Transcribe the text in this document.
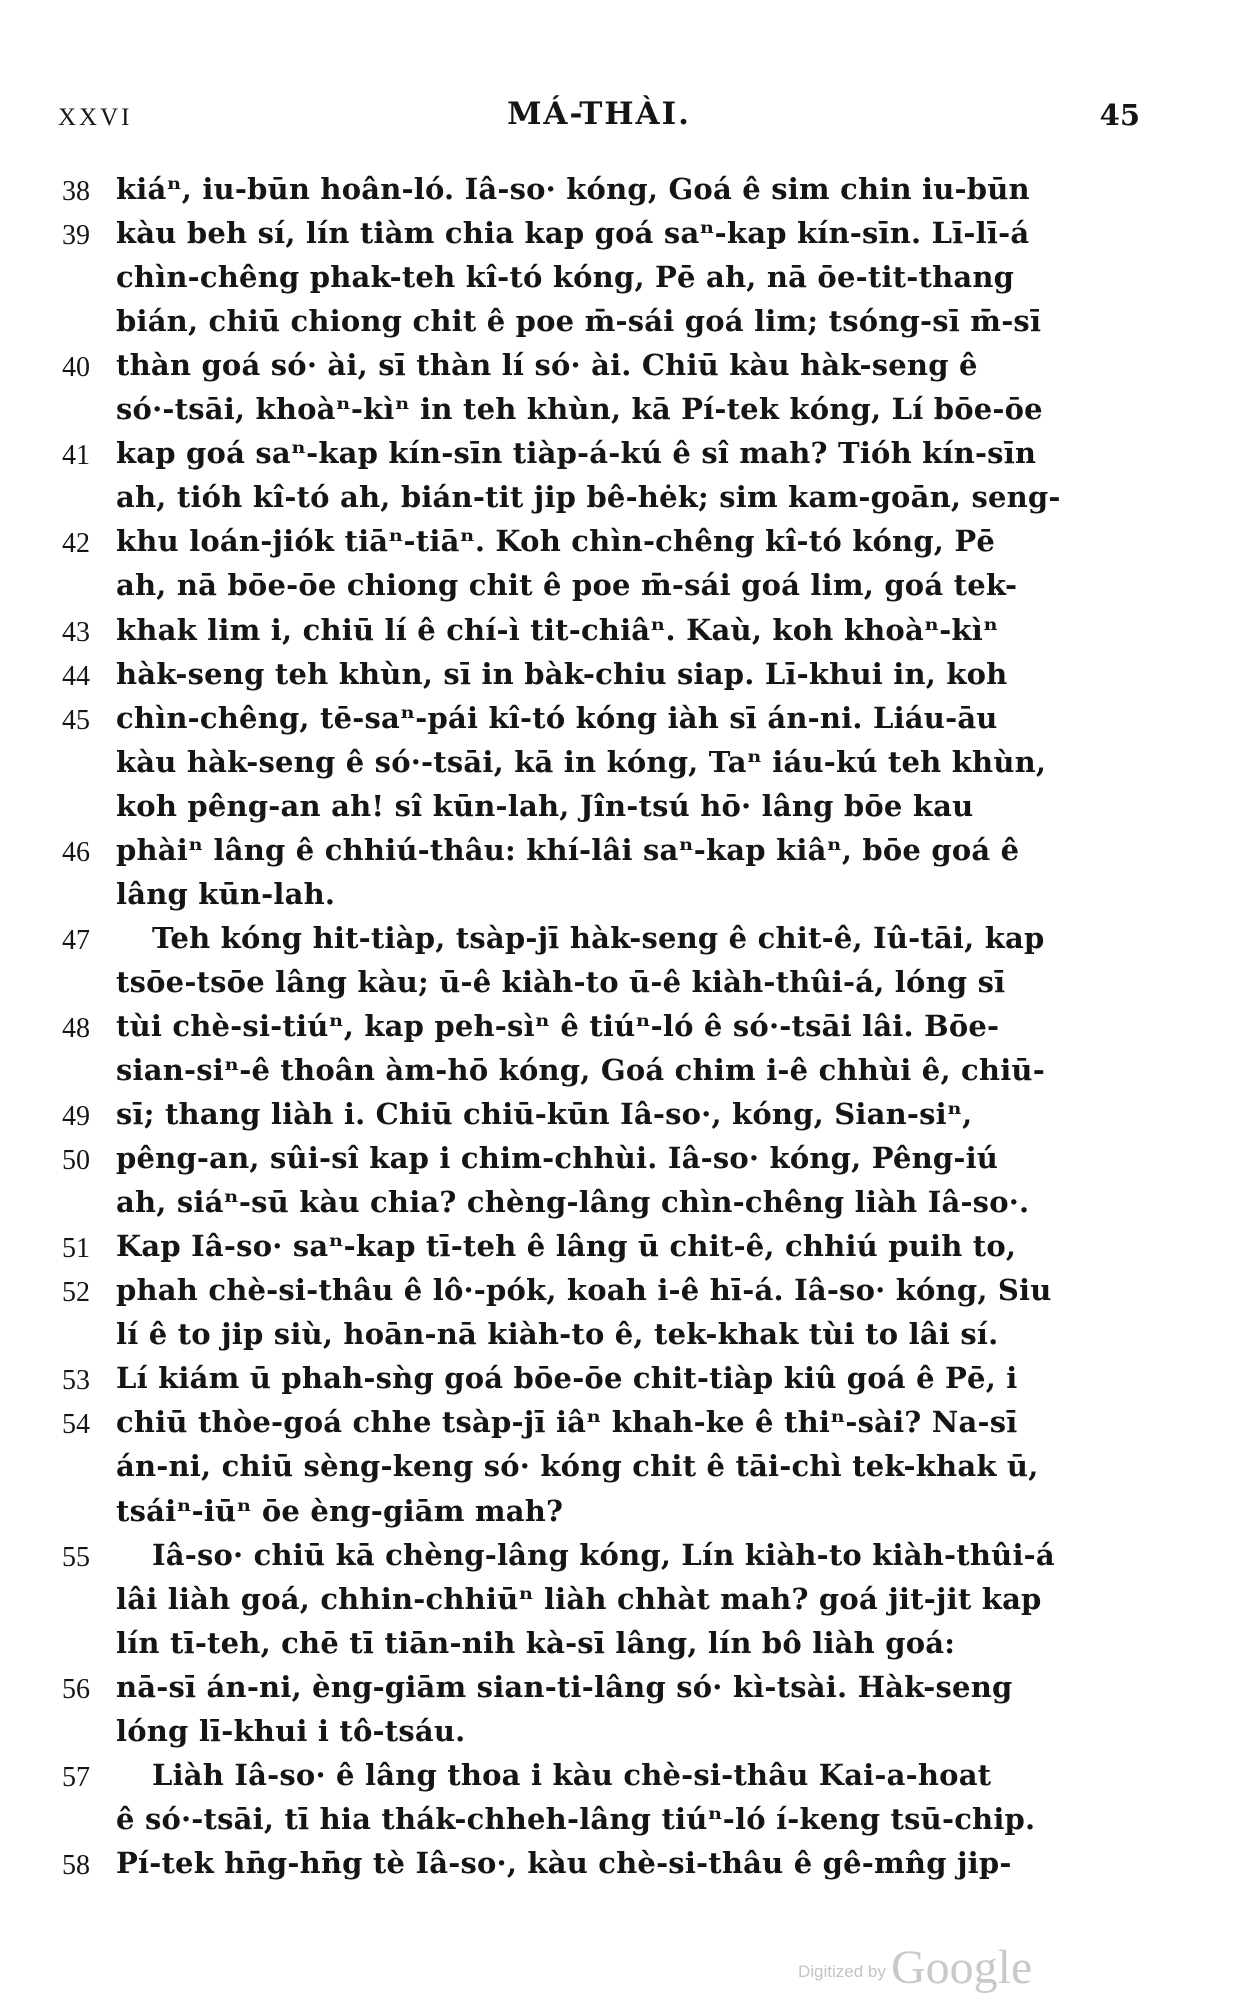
XXVI	MÁ-THÀI.	45
38 kiáⁿ, iu-būn hoân-ló. Iâ-so· kóng, Goá ê sim chin iu-būn
39 kàu beh sí, lín tiàm chia kap goá saⁿ-kap kín-sīn. Lī-lī-á
chìn-chêng phak-teh kî-tó kóng, Pē ah, nā ōe-tit-thang
bián, chiū chiong chit ê poe m̄-sái goá lim; tsóng-sī m̄-sī
40 thàn goá só· ài, sī thàn lí só· ài. Chiū kàu hàk-seng ê
só·-tsāi, khoàⁿ-kìⁿ in teh khùn, kā Pí-tek kóng, Lí bōe-ōe
41 kap goá saⁿ-kap kín-sīn tiàp-á-kú ê sî mah? Tióh kín-sīn
ah, tióh kî-tó ah, bián-tit jip bê-hėk; sim kam-goān, seng-
42 khu loán-jiók tiāⁿ-tiāⁿ. Koh chìn-chêng kî-tó kóng, Pē
ah, nā bōe-ōe chiong chit ê poe m̄-sái goá lim, goá tek-
43 khak lim i, chiū lí ê chí-ì tit-chiâⁿ. Kaù, koh khoàⁿ-kìⁿ
44 hàk-seng teh khùn, sī in bàk-chiu siap. Lī-khui in, koh
45 chìn-chêng, tē-saⁿ-pái kî-tó kóng iàh sī án-ni. Liáu-āu
kàu hàk-seng ê só·-tsāi, kā in kóng, Taⁿ iáu-kú teh khùn,
koh pêng-an ah! sî kūn-lah, Jîn-tsú hō· lâng bōe kau
46 phàiⁿ lâng ê chhiú-thâu: khí-lâi saⁿ-kap kiâⁿ, bōe goá ê
lâng kūn-lah.
47	Teh kóng hit-tiàp, tsàp-jī hàk-seng ê chit-ê, Iû-tāi, kap
tsōe-tsōe lâng kàu; ū-ê kiàh-to ū-ê kiàh-thûi-á, lóng sī
48 tùi chè-si-tiúⁿ, kap peh-sìⁿ ê tiúⁿ-ló ê só·-tsāi lâi. Bōe-
sian-siⁿ-ê thoân àm-hō kóng, Goá chim i-ê chhùi ê, chiū-
49 sī; thang liàh i. Chiū chiū-kūn Iâ-so·, kóng, Sian-siⁿ,
50 pêng-an, sûi-sî kap i chim-chhùi. Iâ-so· kóng, Pêng-iú
ah, siáⁿ-sū kàu chia? chèng-lâng chìn-chêng liàh Iâ-so·.
51 Kap Iâ-so· saⁿ-kap tī-teh ê lâng ū chit-ê, chhiú puih to,
52 phah chè-si-thâu ê lô·-pók, koah i-ê hī-á. Iâ-so· kóng, Siu
lí ê to jip siù, hoān-nā kiàh-to ê, tek-khak tùi to lâi sí.
53 Lí kiám ū phah-sǹg goá bōe-ōe chit-tiàp kiû goá ê Pē, i
54 chiū thòe-goá chhe tsàp-jī iâⁿ khah-ke ê thiⁿ-sài? Na-sī
án-ni, chiū sèng-keng só· kóng chit ê tāi-chì tek-khak ū,
tsáiⁿ-iūⁿ ōe èng-giām mah?
55	Iâ-so· chiū kā chèng-lâng kóng, Lín kiàh-to kiàh-thûi-á
lâi liàh goá, chhin-chhiūⁿ liàh chhàt mah? goá jit-jit kap
lín tī-teh, chē tī tiān-nih kà-sī lâng, lín bô liàh goá:
56 nā-sī án-ni, èng-giām sian-ti-lâng só· kì-tsài. Hàk-seng
lóng lī-khui i tô-tsáu.
57	Liàh Iâ-so· ê lâng thoa i kàu chè-si-thâu Kai-a-hoat
ê só·-tsāi, tī hia thák-chheh-lâng tiúⁿ-ló í-keng tsū-chip.
58 Pí-tek hn̄g-hn̄g tè Iâ-so·, kàu chè-si-thâu ê gê-mn̂g jip-
Digitized by Google
